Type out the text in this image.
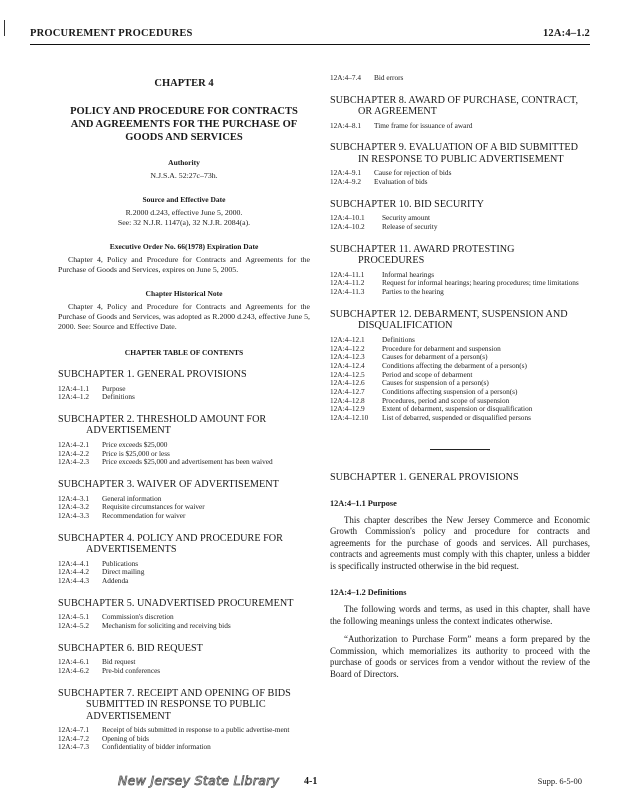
PROCUREMENT PROCEDURES	12A:4–1.2
CHAPTER 4
POLICY AND PROCEDURE FOR CONTRACTS AND AGREEMENTS FOR THE PURCHASE OF GOODS AND SERVICES
Authority
N.J.S.A. 52:27c–73h.
Source and Effective Date
R.2000 d.243, effective June 5, 2000.
See: 32 N.J.R. 1147(a), 32 N.J.R. 2084(a).
Executive Order No. 66(1978) Expiration Date
Chapter 4, Policy and Procedure for Contracts and Agreements for the Purchase of Goods and Services, expires on June 5, 2005.
Chapter Historical Note
Chapter 4, Policy and Procedure for Contracts and Agreements for the Purchase of Goods and Services, was adopted as R.2000 d.243, effective June 5, 2000. See: Source and Effective Date.
CHAPTER TABLE OF CONTENTS
SUBCHAPTER 1. GENERAL PROVISIONS
12A:4–1.1	Purpose
12A:4–1.2	Definitions
SUBCHAPTER 2. THRESHOLD AMOUNT FOR
ADVERTISEMENT
12A:4–2.1	Price exceeds $25,000
12A:4–2.2	Price is $25,000 or less
12A:4–2.3	Price exceeds $25,000 and advertisement has been waived
SUBCHAPTER 3. WAIVER OF ADVERTISEMENT
12A:4–3.1	General information
12A:4–3.2	Requisite circumstances for waiver
12A:4–3.3	Recommendation for waiver
SUBCHAPTER 4. POLICY AND PROCEDURE FOR
ADVERTISEMENTS
12A:4–4.1	Publications
12A:4–4.2	Direct mailing
12A:4–4.3	Addenda
SUBCHAPTER 5. UNADVERTISED PROCUREMENT
12A:4–5.1	Commission's discretion
12A:4–5.2	Mechanism for soliciting and receiving bids
SUBCHAPTER 6. BID REQUEST
12A:4–6.1	Bid request
12A:4–6.2	Pre-bid conferences
SUBCHAPTER 7. RECEIPT AND OPENING OF BIDS
SUBMITTED IN RESPONSE TO PUBLIC
ADVERTISEMENT
12A:4–7.1	Receipt of bids submitted in response to a public advertise-ment
12A:4–7.2	Opening of bids
12A:4–7.3	Confidentiality of bidder information
12A:4–7.4	Bid errors
SUBCHAPTER 8. AWARD OF PURCHASE, CONTRACT,
OR AGREEMENT
12A:4–8.1	Time frame for issuance of award
SUBCHAPTER 9. EVALUATION OF A BID SUBMITTED
IN RESPONSE TO PUBLIC ADVERTISEMENT
12A:4–9.1	Cause for rejection of bids
12A:4–9.2	Evaluation of bids
SUBCHAPTER 10. BID SECURITY
12A:4–10.1	Security amount
12A:4–10.2	Release of security
SUBCHAPTER 11. AWARD PROTESTING
PROCEDURES
12A:4–11.1	Informal hearings
12A:4–11.2	Request for informal hearings; hearing procedures; time limitations
12A:4–11.3	Parties to the hearing
SUBCHAPTER 12. DEBARMENT, SUSPENSION AND
DISQUALIFICATION
12A:4–12.1	Definitions
12A:4–12.2	Procedure for debarment and suspension
12A:4–12.3	Causes for debarment of a person(s)
12A:4–12.4	Conditions affecting the debarment of a person(s)
12A:4–12.5	Period and scope of debarment
12A:4–12.6	Causes for suspension of a person(s)
12A:4–12.7	Conditions affecting suspension of a person(s)
12A:4–12.8	Procedures, period and scope of suspension
12A:4–12.9	Extent of debarment, suspension or disqualification
12A:4–12.10	List of debarred, suspended or disqualified persons
SUBCHAPTER 1. GENERAL PROVISIONS
12A:4–1.1 Purpose
This chapter describes the New Jersey Commerce and Economic Growth Commission's policy and procedure for contracts and agreements for the purchase of goods and services. All purchases, contracts and agreements must comply with this chapter, unless a bidder is specifically instructed otherwise in the bid request.
12A:4–1.2 Definitions
The following words and terms, as used in this chapter, shall have the following meanings unless the context indicates otherwise.
“Authorization to Purchase Form” means a form prepared by the Commission, which memorializes its authority to proceed with the purchase of goods or services from a vendor without the review of the Board of Directors.
New Jersey State Library 4-1	Supp. 6-5-00
